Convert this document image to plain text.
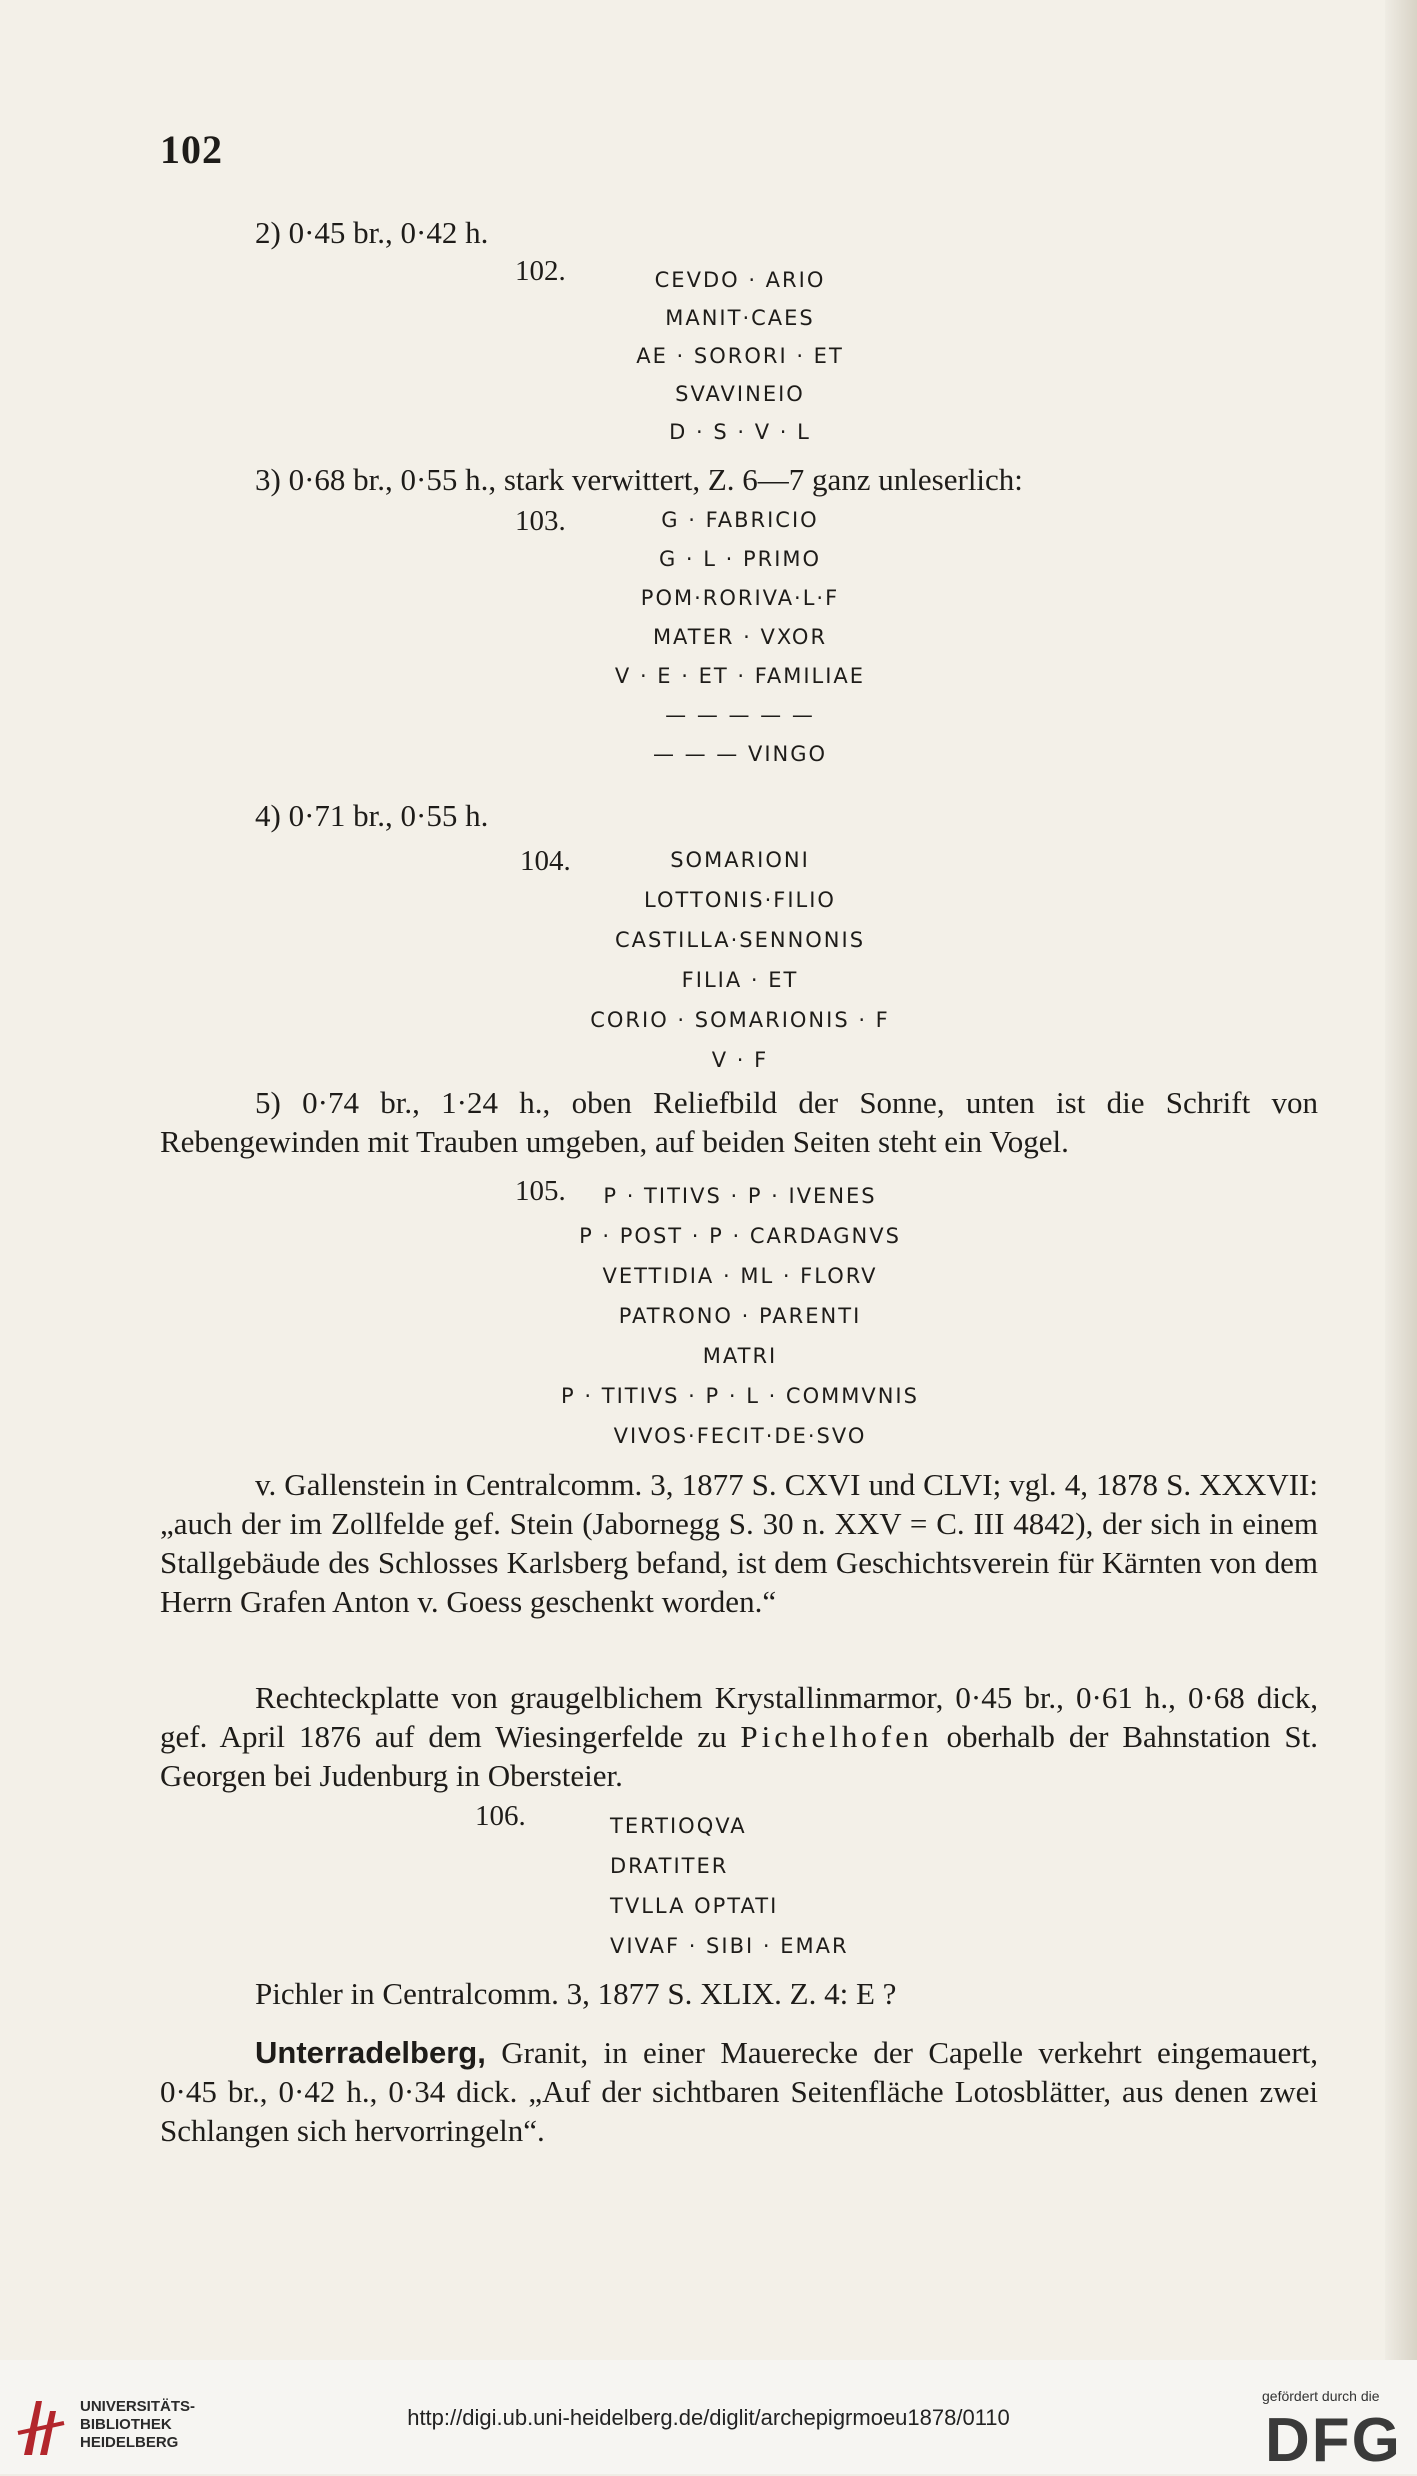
102
2) 0·45 br., 0·42 h.
102.	CEVDO · ARIO
MANIT·CAES
AE · SORORI · ET
SVAVINEIO
D · S · V · L
3) 0·68 br., 0·55 h., stark verwittert, Z. 6—7 ganz unleserlich:
103.	G · FABRICIO
G · L · PRIMO
POM·RORIVA·L·F
MATER · VXOR
V · E · ET · FAMILIAE
— — — — —
— — — VINGO
4) 0·71 br., 0·55 h.
104.	SOMARIONI
LOTTONIS·FILIO
CASTILLA·SENNONIS
FILIA · ET
CORIO · SOMARIONIS · F
V · F
5) 0·74 br., 1·24 h., oben Reliefbild der Sonne, unten ist die Schrift von Rebengewinden mit Trauben umgeben, auf beiden Seiten steht ein Vogel.
105.	P · TITIVS · P · IVENES
P · POST · P · CARDAGNVS
VETTIDIA · ML · FLORV
PATRONO · PARENTI
MATRI
P · TITIVS · P · L · COMMVNIS
VIVOS·FECIT·DE·SVO
v. Gallenstein in Centralcomm. 3, 1877 S. CXVI und CLVI; vgl. 4, 1878 S. XXXVII: „auch der im Zollfelde gef. Stein (Jabornegg S. 30 n. XXV = C. III 4842), der sich in einem Stallgebäude des Schlosses Karlsberg befand, ist dem Geschichtsverein für Kärnten von dem Herrn Grafen Anton v. Goess geschenkt worden.“
Rechteckplatte von graugelblichem Krystallinmarmor, 0·45 br., 0·61 h., 0·68 dick, gef. April 1876 auf dem Wiesingerfelde zu Pichelhofen oberhalb der Bahnstation St. Georgen bei Judenburg in Obersteier.
106.	TERTIOQVA
DRATITER
TVLLA OPTATI
VIVAF · SIBI · EMAR
Pichler in Centralcomm. 3, 1877 S. XLIX. Z. 4: E ?
Unterradelberg, Granit, in einer Mauerecke der Capelle verkehrt eingemauert, 0·45 br., 0·42 h., 0·34 dick. „Auf der sichtbaren Seitenfläche Lotosblätter, aus denen zwei Schlangen sich hervorringeln“.
UNIVERSITÄTS-
BIBLIOTHEK
HEIDELBERG
http://digi.ub.uni-heidelberg.de/diglit/archepigrmoeu1878/0110
gefördert durch die
DFG
